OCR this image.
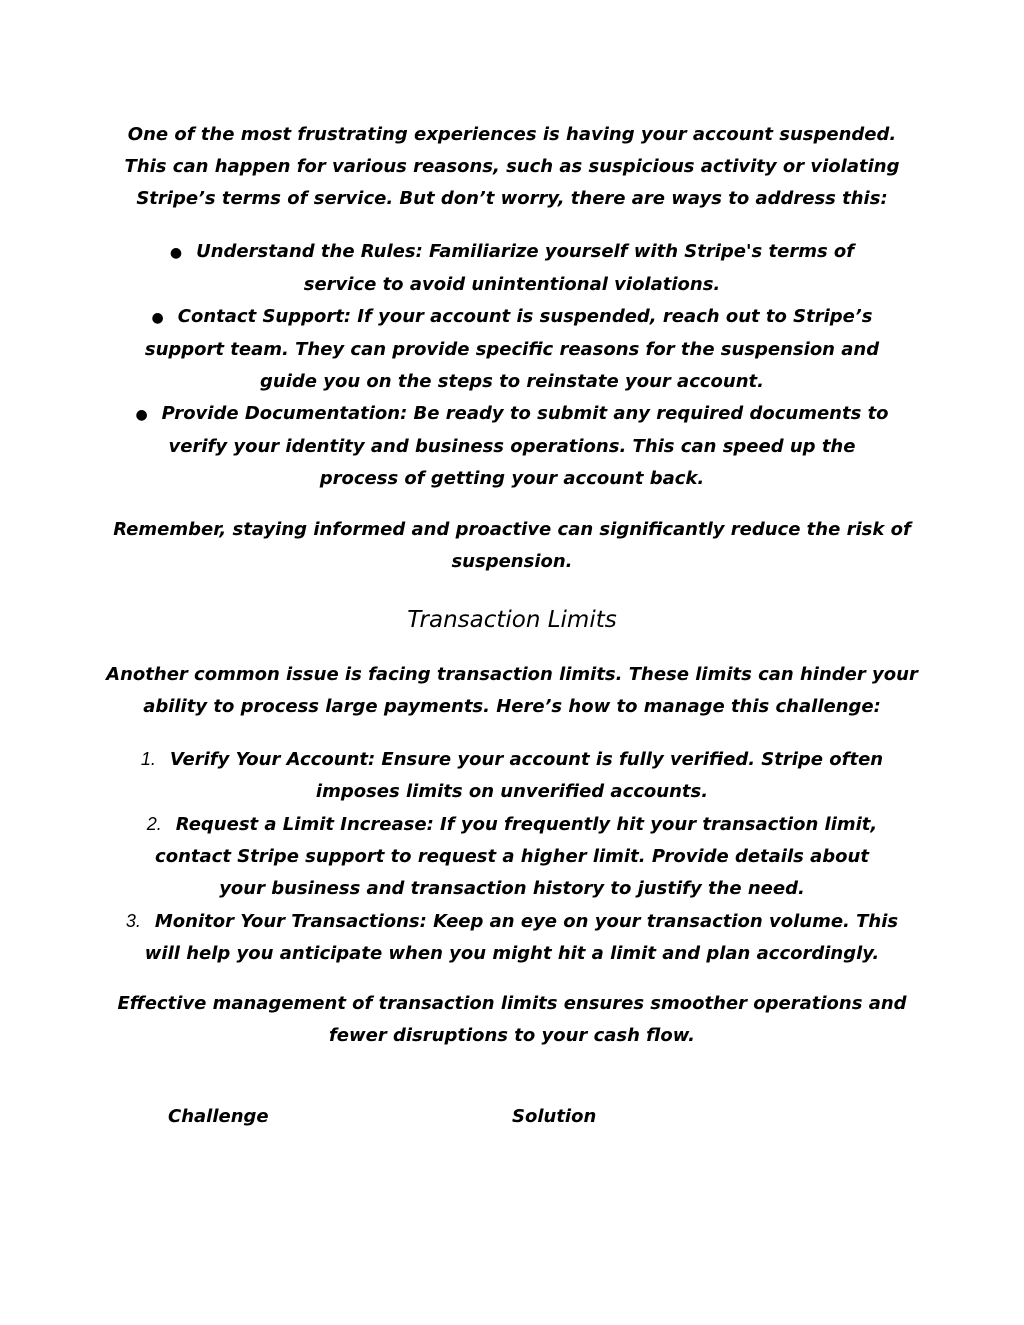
One of the most frustrating experiences is having your account suspended.
This can happen for various reasons, such as suspicious activity or violating
Stripe’s terms of service. But don’t worry, there are ways to address this:
● Understand the Rules: Familiarize yourself with Stripe's terms of
service to avoid unintentional violations.
● Contact Support: If your account is suspended, reach out to Stripe’s
support team. They can provide specific reasons for the suspension and
guide you on the steps to reinstate your account.
● Provide Documentation: Be ready to submit any required documents to
verify your identity and business operations. This can speed up the
process of getting your account back.
Remember, staying informed and proactive can significantly reduce the risk of
suspension.
Transaction Limits
Another common issue is facing transaction limits. These limits can hinder your
ability to process large payments. Here’s how to manage this challenge:
1. Verify Your Account: Ensure your account is fully verified. Stripe often
imposes limits on unverified accounts.
2. Request a Limit Increase: If you frequently hit your transaction limit,
contact Stripe support to request a higher limit. Provide details about
your business and transaction history to justify the need.
3. Monitor Your Transactions: Keep an eye on your transaction volume. This
will help you anticipate when you might hit a limit and plan accordingly.
Effective management of transaction limits ensures smoother operations and
fewer disruptions to your cash flow.
Challenge	Solution
